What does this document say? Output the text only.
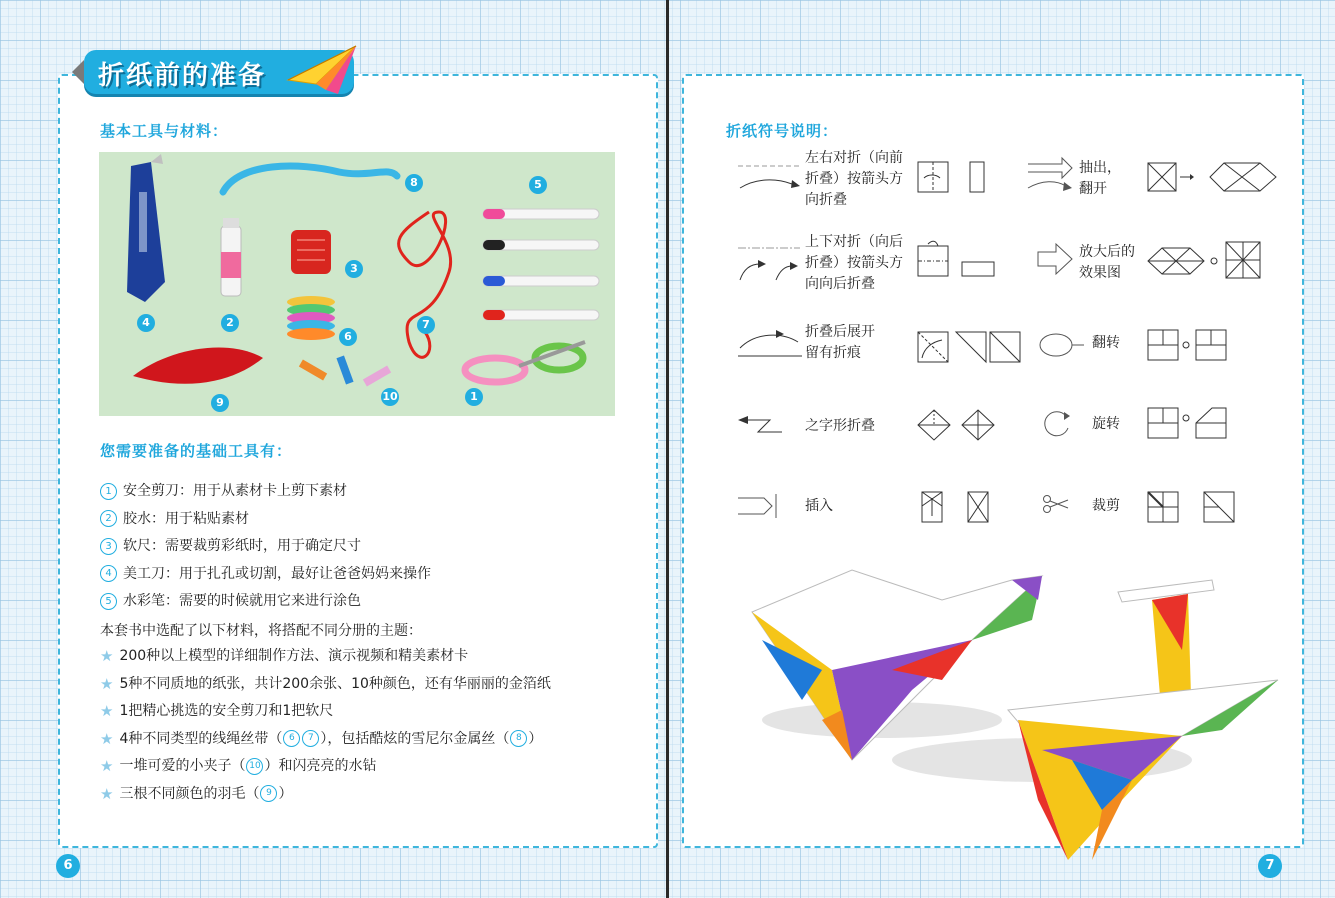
折纸前的准备
基本工具与材料：
8	5
3
4	2
6
7
9	10	1
您需要准备的基础工具有：
1 安全剪刀：用于从素材卡上剪下素材
2 胶水：用于粘贴素材
3 软尺：需要裁剪彩纸时，用于确定尺寸
4 美工刀：用于扎孔或切割，最好让爸爸妈妈来操作
5 水彩笔：需要的时候就用它来进行涂色
本套书中选配了以下材料，将搭配不同分册的主题：
★ 200种以上模型的详细制作方法、演示视频和精美素材卡
★ 5种不同质地的纸张，共计200余张、10种颜色，还有华丽丽的金箔纸
★ 1把精心挑选的安全剪刀和1把软尺
★ 4种不同类型的线绳丝带（ 6 7 ），包括酷炫的雪尼尔金属丝（ 8 ）
★ 一堆可爱的小夹子（ 10 ）和闪亮亮的水钻
★ 三根不同颜色的羽毛（ 9 ）
6
折纸符号说明：
左右对折（向前
折叠）按箭头方
向折叠
抽出，
翻开
上下对折（向后
折叠）按箭头方
向向后折叠
放大后的
效果图
折叠后展开
留有折痕
翻转
之字形折叠	旋转
插入	裁剪
7
